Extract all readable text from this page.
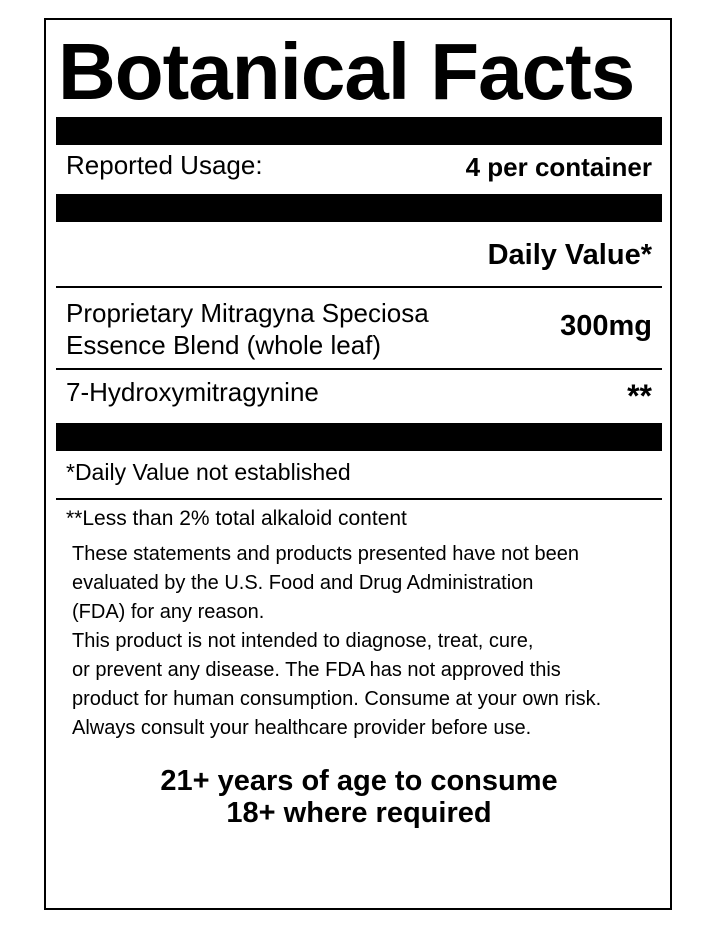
Botanical Facts
Reported Usage:	4 per container
Daily Value*
Proprietary Mitragyna Speciosa
Essence Blend (whole leaf)
300mg
7-Hydroxymitragynine	**
*Daily Value not established
**Less than 2% total alkaloid content
These statements and products presented have not been
evaluated by the U.S. Food and Drug Administration
(FDA) for any reason.
This product is not intended to diagnose, treat, cure,
or prevent any disease. The FDA has not approved this
product for human consumption. Consume at your own risk.
Always consult your healthcare provider before use.
21+ years of age to consume
18+ where required
